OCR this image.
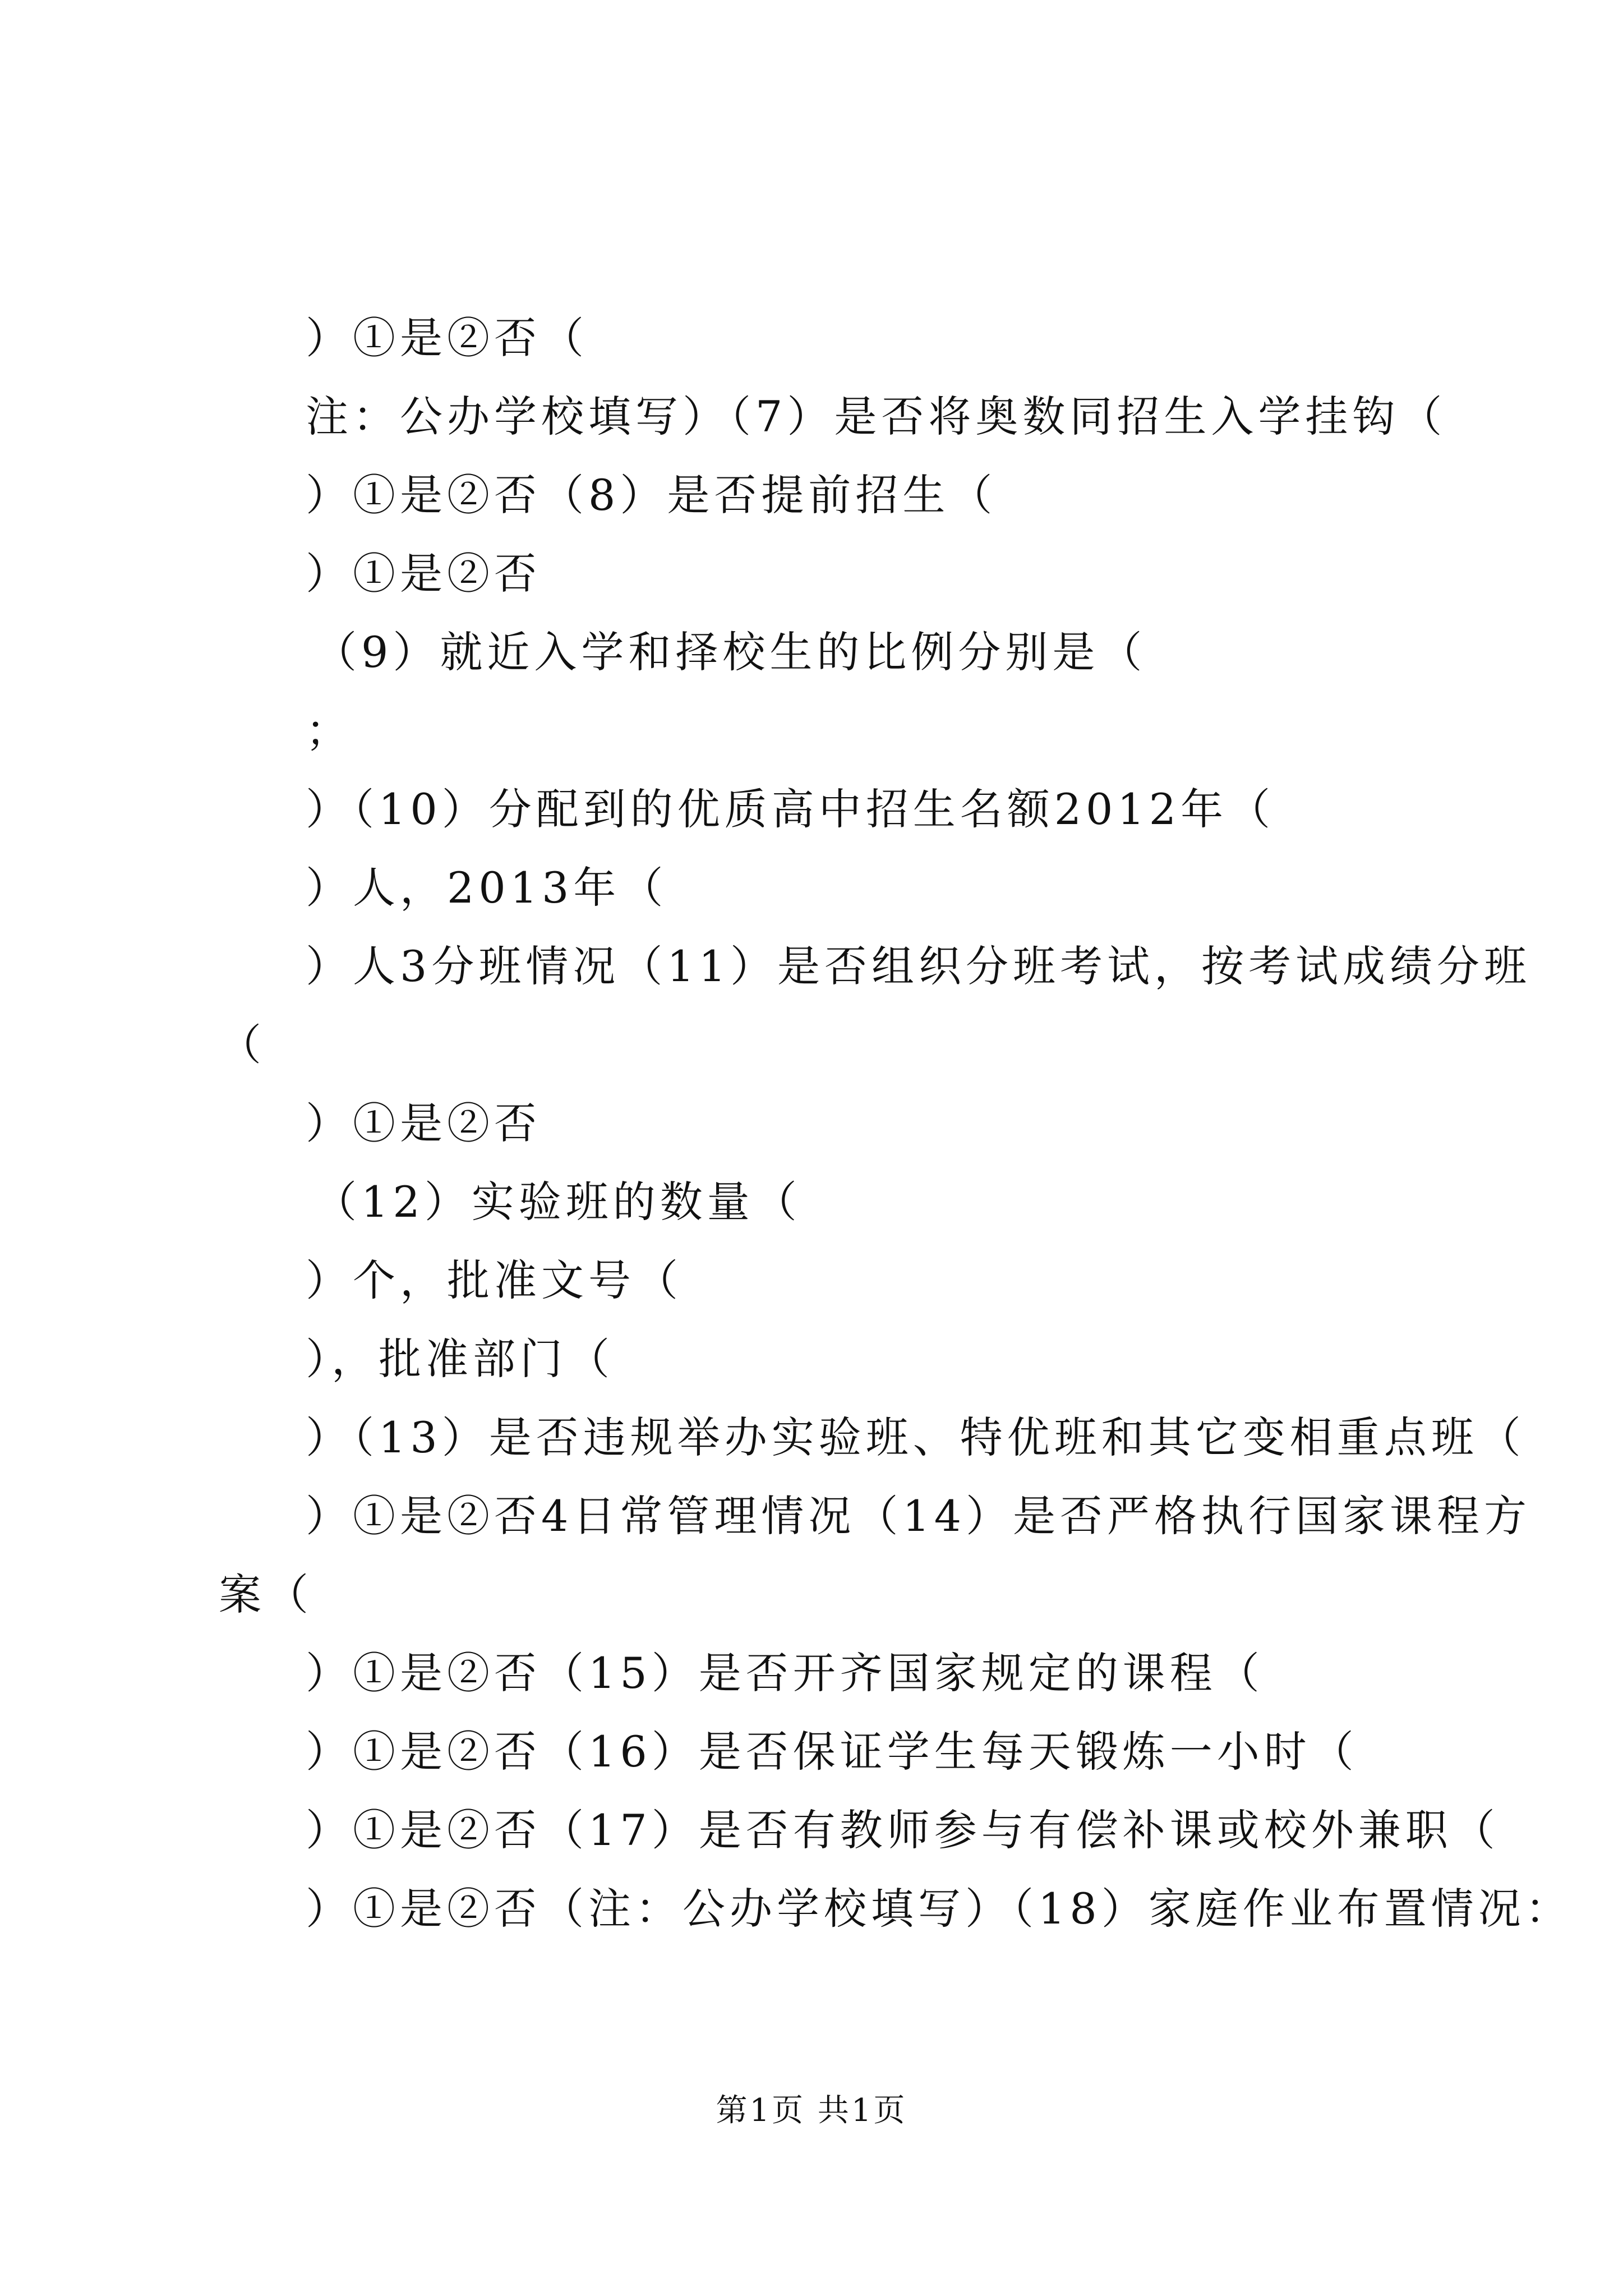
）①是②否（
注：公办学校填写）（7）是否将奥数同招生入学挂钩（
）①是②否（8）是否提前招生（
）①是②否
（9）就近入学和择校生的比例分别是（
；
）（10）分配到的优质高中招生名额2012年（
）人，2013年（
）人3分班情况（11）是否组织分班考试，按考试成绩分班
（
）①是②否
（12）实验班的数量（
）个，批准文号（
），批准部门（
）（13）是否违规举办实验班、特优班和其它变相重点班（
）①是②否4日常管理情况（14）是否严格执行国家课程方
案（
）①是②否（15）是否开齐国家规定的课程（
）①是②否（16）是否保证学生每天锻炼一小时（
）①是②否（17）是否有教师参与有偿补课或校外兼职（
）①是②否（注：公办学校填写）（18）家庭作业布置情况：
第1页 共1页
